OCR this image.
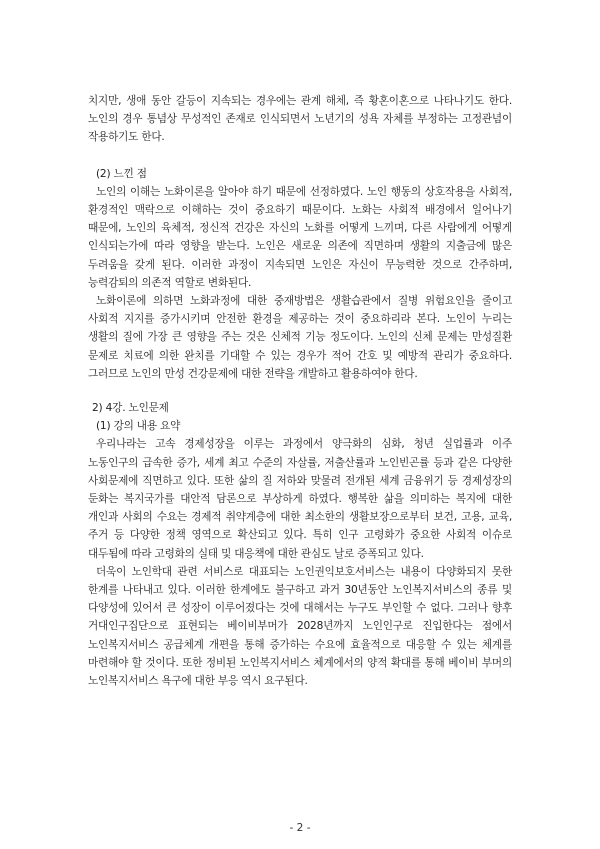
치지만, 생애 동안 갈등이 지속되는 경우에는 관계 해체, 즉 황혼이혼으로 나타나기도 한다. 노인의 경우 통념상 무성적인 존재로 인식되면서 노년기의 성욕 자체를 부정하는 고정관념이 작용하기도 한다.

(2) 느낀 점

노인의 이해는 노화이론을 알아야 하기 때문에 선정하였다. 노인 행동의 상호작용을 사회적, 환경적인 맥락으로 이해하는 것이 중요하기 때문이다. 노화는 사회적 배경에서 일어나기 때문에, 노인의 육체적, 정신적 건강은 자신의 노화를 어떻게 느끼며, 다른 사람에게 어떻게 인식되는가에 따라 영향을 받는다. 노인은 새로운 의존에 직면하며 생활의 지출금에 많은 두려움을 갖게 된다. 이러한 과정이 지속되면 노인은 자신이 무능력한 것으로 간주하며, 능력감퇴의 의존적 역할로 변화된다.

노화이론에 의하면 노화과정에 대한 중재방법은 생활습관에서 질병 위험요인을 줄이고 사회적 지지를 증가시키며 안전한 환경을 제공하는 것이 중요하리라 본다. 노인이 누리는 생활의 질에 가장 큰 영향을 주는 것은 신체적 기능 정도이다. 노인의 신체 문제는 만성질환 문제로 치료에 의한 완치를 기대할 수 있는 경우가 적어 간호 및 예방적 관리가 중요하다. 그러므로 노인의 만성 건강문제에 대한 전략을 개발하고 활용하여야 한다.

2) 4강. 노인문제

(1) 강의 내용 요약

우리나라는 고속 경제성장을 이루는 과정에서 양극화의 심화, 청년 실업률과 이주 노동인구의 급속한 증가, 세계 최고 수준의 자살률, 저출산률과 노인빈곤률 등과 같은 다양한 사회문제에 직면하고 있다. 또한 삶의 질 저하와 맞물려 전개된 세계 금융위기 등 경제성장의 둔화는 복지국가를 대안적 담론으로 부상하게 하였다. 행복한 삶을 의미하는 복지에 대한 개인과 사회의 수요는 경제적 취약계층에 대한 최소한의 생활보장으로부터 보건, 고용, 교육, 주거 등 다양한 정책 영역으로 확산되고 있다. 특히 인구 고령화가 중요한 사회적 이슈로 대두됨에 따라 고령화의 실태 및 대응책에 대한 관심도 날로 증폭되고 있다.

더욱이 노인학대 관련 서비스로 대표되는 노인권익보호서비스는 내용이 다양화되지 못한 한계를 나타내고 있다. 이러한 한계에도 불구하고 과거 30년동안 노인복지서비스의 종류 및 다양성에 있어서 큰 성장이 이루어졌다는 것에 대해서는 누구도 부인할 수 없다. 그러나 향후 거대인구집단으로 표현되는 베이비부머가 2028년까지 노인인구로 진입한다는 점에서 노인복지서비스 공급체계 개편을 통해 증가하는 수요에 효율적으로 대응할 수 있는 체계를 마련해야 할 것이다. 또한 정비된 노인복지서비스 체계에서의 양적 확대를 통해 베이비 부머의 노인복지서비스 욕구에 대한 부응 역시 요구된다.

- 2 -
